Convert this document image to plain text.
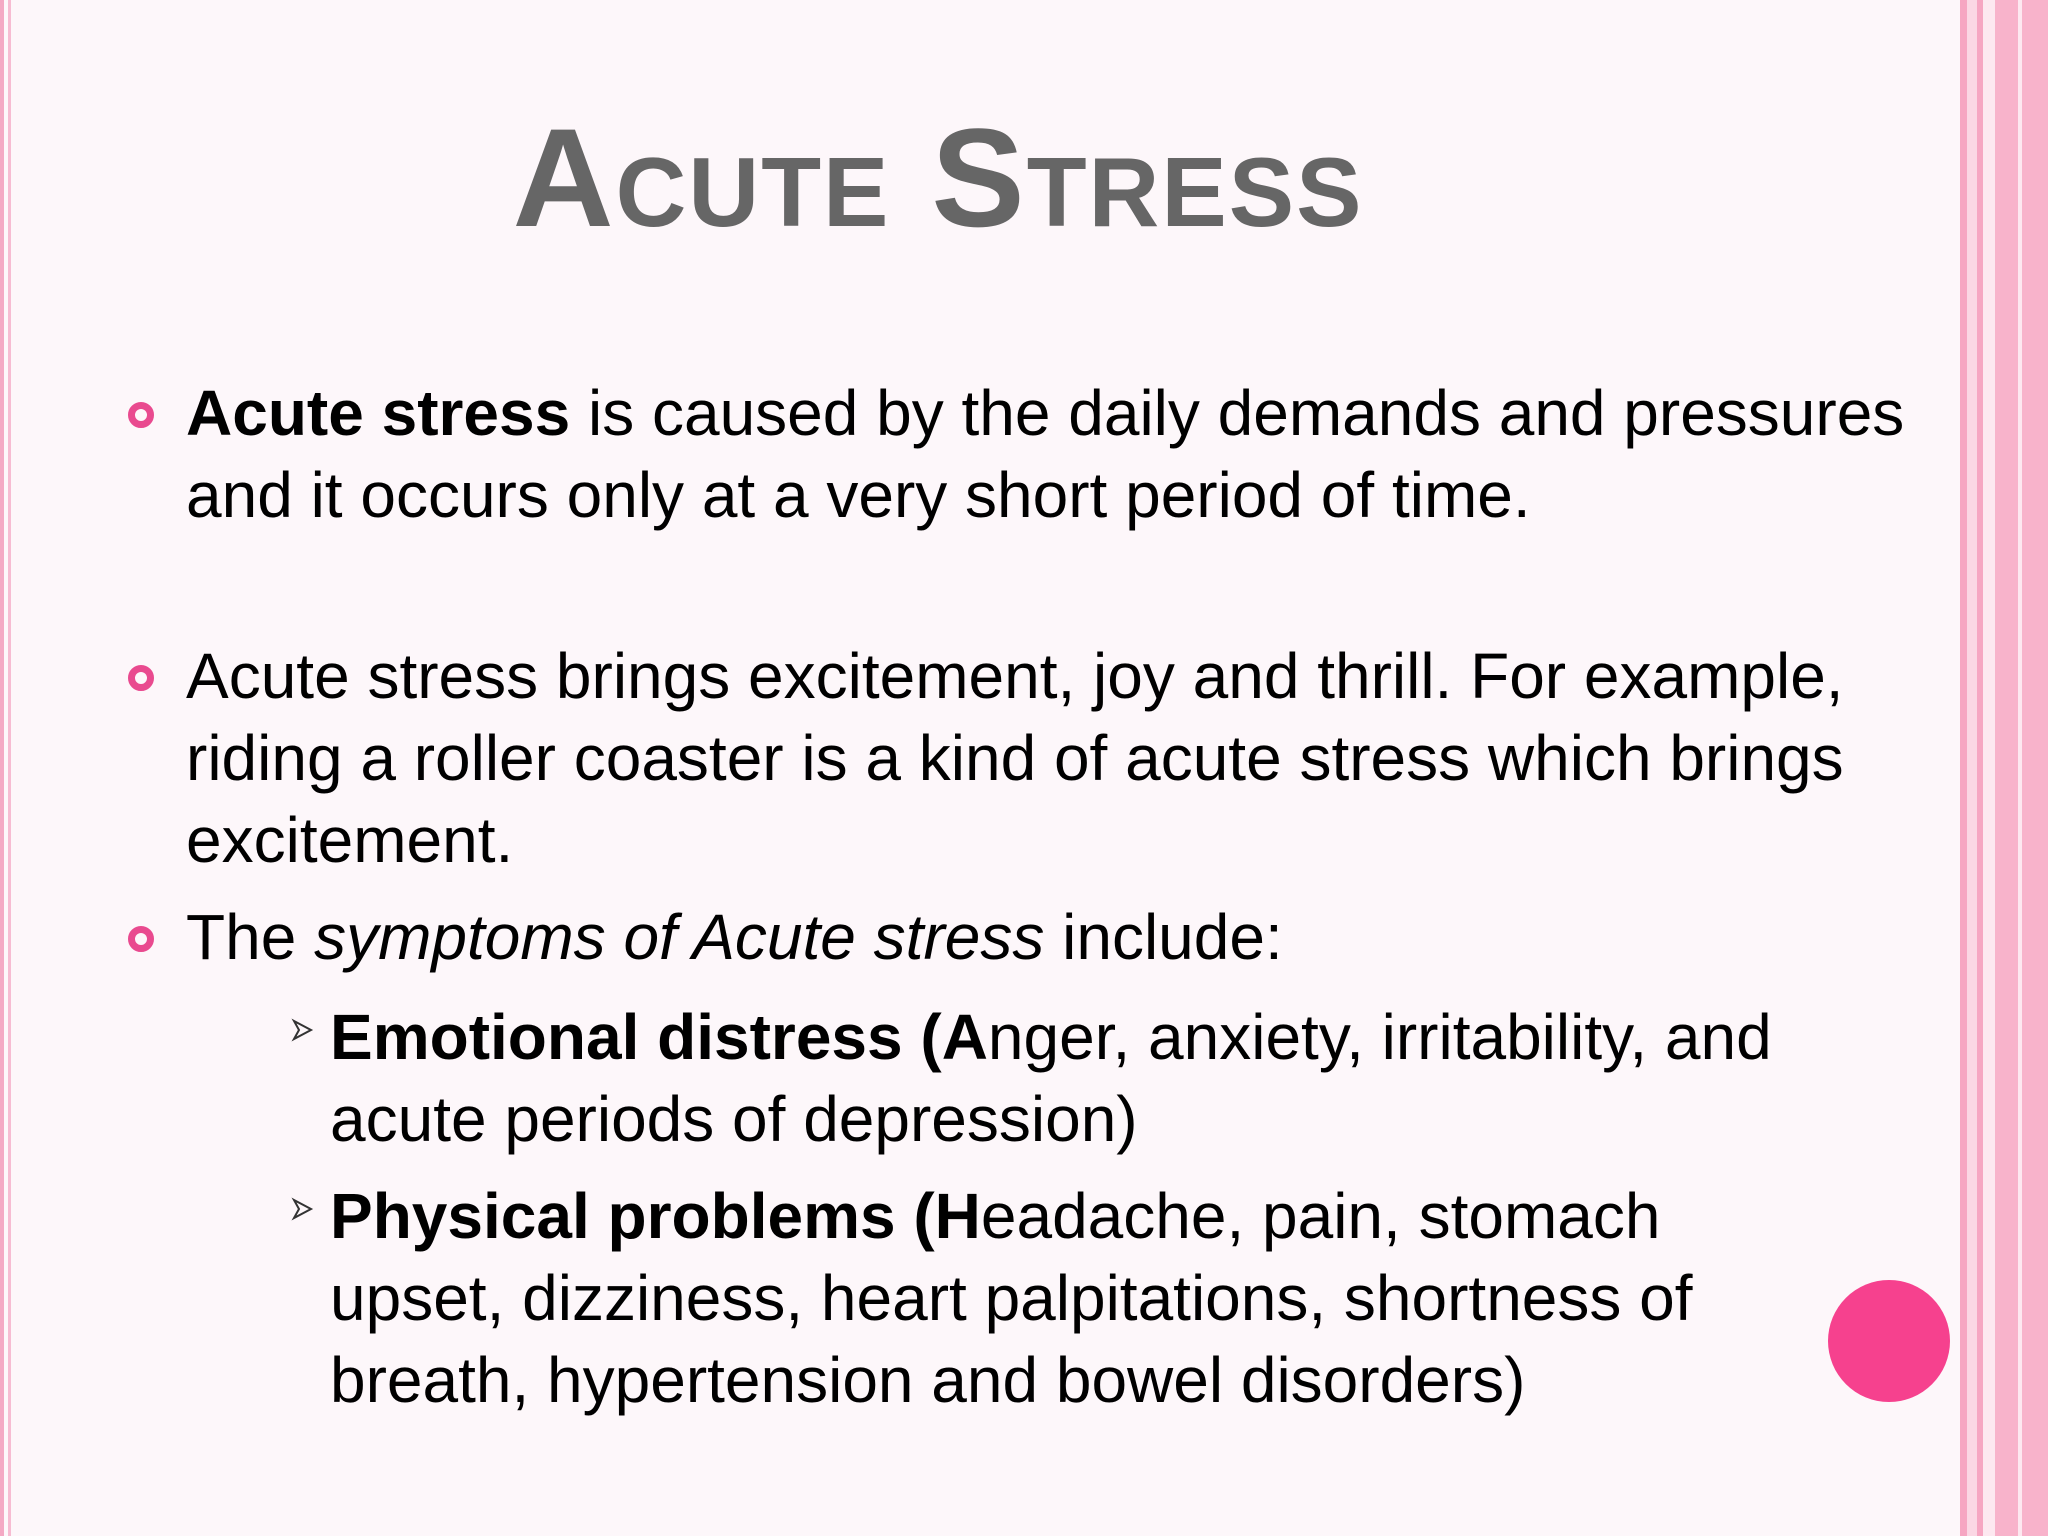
Acute Stress
Acute stress is caused by the daily demands and pressures and it occurs only at a very short period of time.
Acute stress brings excitement, joy and thrill. For example, riding a roller coaster is a kind of acute stress which brings excitement.
The symptoms of Acute stress include:
Emotional distress (Anger, anxiety, irritability, and acute periods of depression)
Physical problems (Headache, pain, stomach upset, dizziness, heart palpitations, shortness of breath, hypertension and bowel disorders)
